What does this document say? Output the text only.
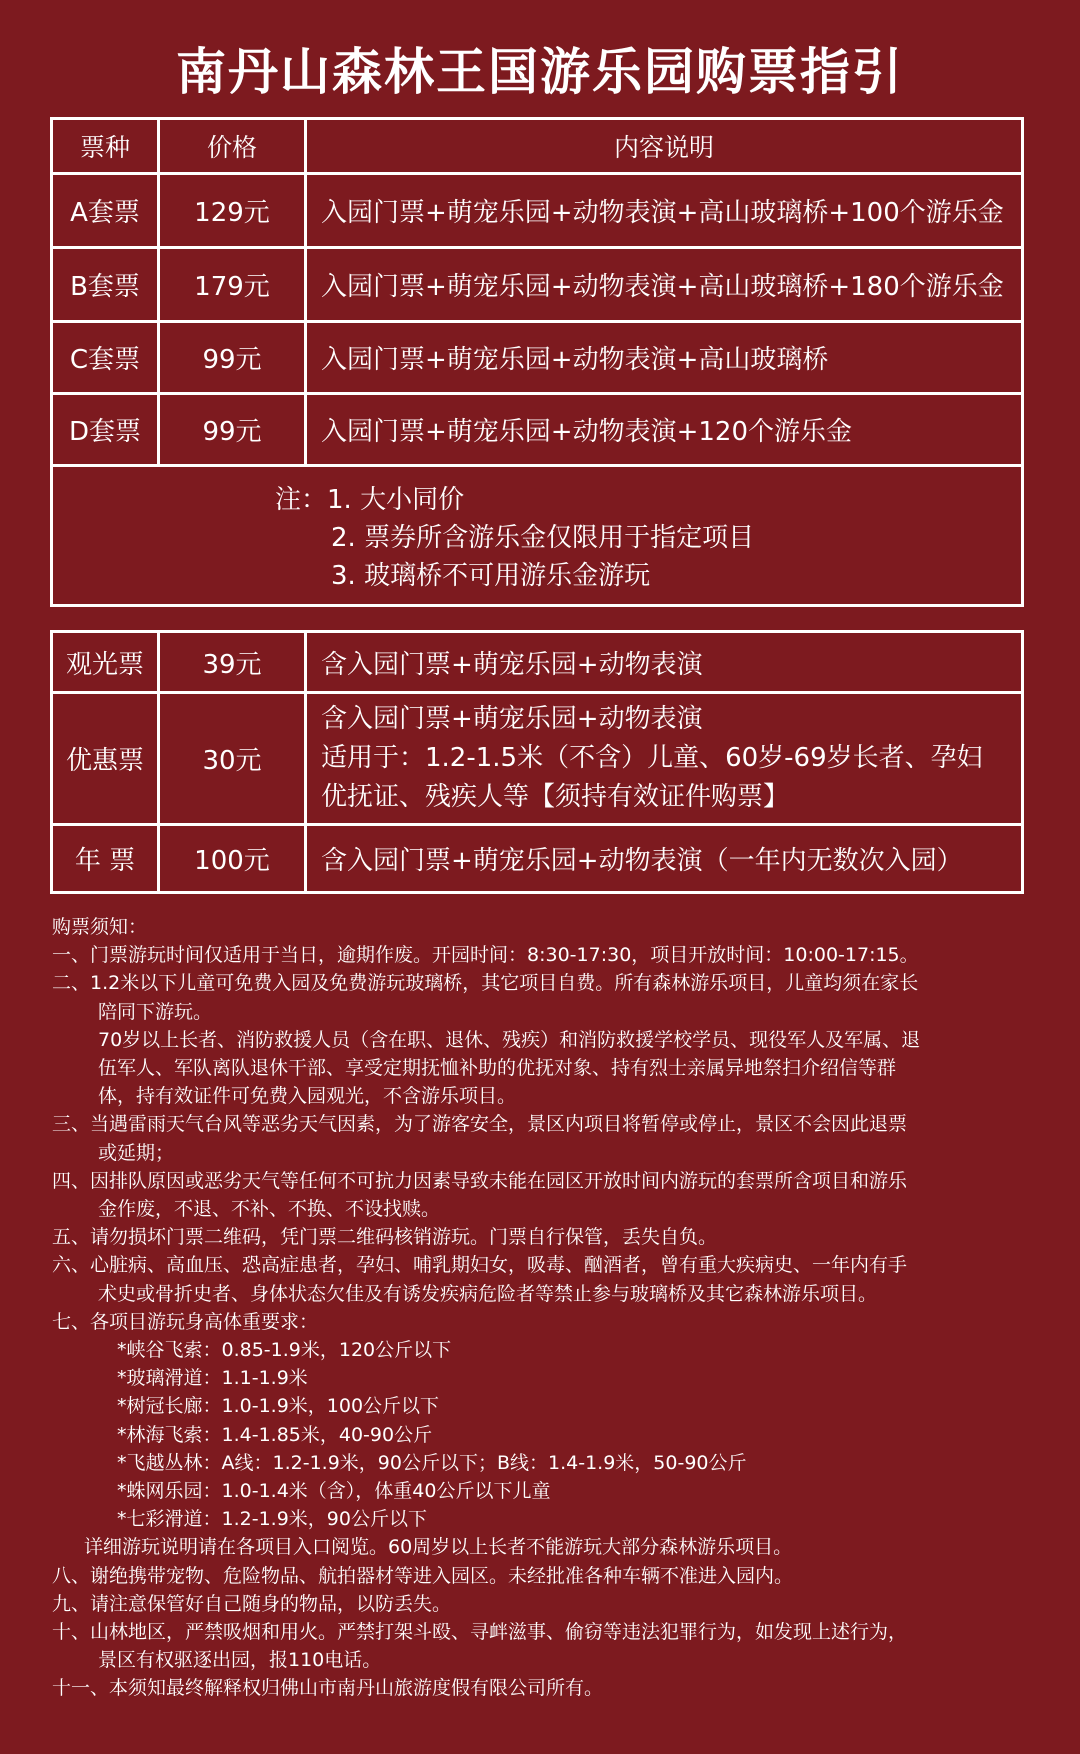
南丹山森林王国游乐园购票指引
票种	价格	内容说明
A套票	129元	入园门票+萌宠乐园+动物表演+高山玻璃桥+100个游乐金
B套票	179元	入园门票+萌宠乐园+动物表演+高山玻璃桥+180个游乐金
C套票	99元	入园门票+萌宠乐园+动物表演+高山玻璃桥
D套票	99元	入园门票+萌宠乐园+动物表演+120个游乐金
注：1. 大小同价
2. 票券所含游乐金仅限用于指定项目
3. 玻璃桥不可用游乐金游玩
观光票	39元	含入园门票+萌宠乐园+动物表演
优惠票	30元
含入园门票+萌宠乐园+动物表演
适用于：1.2-1.5米（不含）儿童、60岁-69岁长者、孕妇
优抚证、残疾人等【须持有效证件购票】
年 票	100元	含入园门票+萌宠乐园+动物表演（一年内无数次入园）
购票须知：
一、门票游玩时间仅适用于当日，逾期作废。开园时间：8:30-17:30，项目开放时间：10:00-17:15。
二、1.2米以下儿童可免费入园及免费游玩玻璃桥，其它项目自费。所有森林游乐项目，儿童均须在家长
陪同下游玩。
70岁以上长者、消防救援人员（含在职、退休、残疾）和消防救援学校学员、现役军人及军属、退
伍军人、军队离队退休干部、享受定期抚恤补助的优抚对象、持有烈士亲属异地祭扫介绍信等群
体，持有效证件可免费入园观光，不含游乐项目。
三、当遇雷雨天气台风等恶劣天气因素，为了游客安全，景区内项目将暂停或停止，景区不会因此退票
或延期；
四、因排队原因或恶劣天气等任何不可抗力因素导致未能在园区开放时间内游玩的套票所含项目和游乐
金作废，不退、不补、不换、不设找赎。
五、请勿损坏门票二维码，凭门票二维码核销游玩。门票自行保管，丢失自负。
六、心脏病、高血压、恐高症患者，孕妇、哺乳期妇女，吸毒、酗酒者，曾有重大疾病史、一年内有手
术史或骨折史者、身体状态欠佳及有诱发疾病危险者等禁止参与玻璃桥及其它森林游乐项目。
七、各项目游玩身高体重要求：
*峡谷飞索：0.85-1.9米，120公斤以下
*玻璃滑道：1.1-1.9米
*树冠长廊：1.0-1.9米，100公斤以下
*林海飞索：1.4-1.85米，40-90公斤
*飞越丛林：A线：1.2-1.9米，90公斤以下；B线：1.4-1.9米，50-90公斤
*蛛网乐园：1.0-1.4米（含），体重40公斤以下儿童
*七彩滑道：1.2-1.9米，90公斤以下
详细游玩说明请在各项目入口阅览。60周岁以上长者不能游玩大部分森林游乐项目。
八、谢绝携带宠物、危险物品、航拍器材等进入园区。未经批准各种车辆不准进入园内。
九、请注意保管好自己随身的物品，以防丢失。
十、山林地区，严禁吸烟和用火。严禁打架斗殴、寻衅滋事、偷窃等违法犯罪行为，如发现上述行为，
景区有权驱逐出园，报110电话。
十一、本须知最终解释权归佛山市南丹山旅游度假有限公司所有。
